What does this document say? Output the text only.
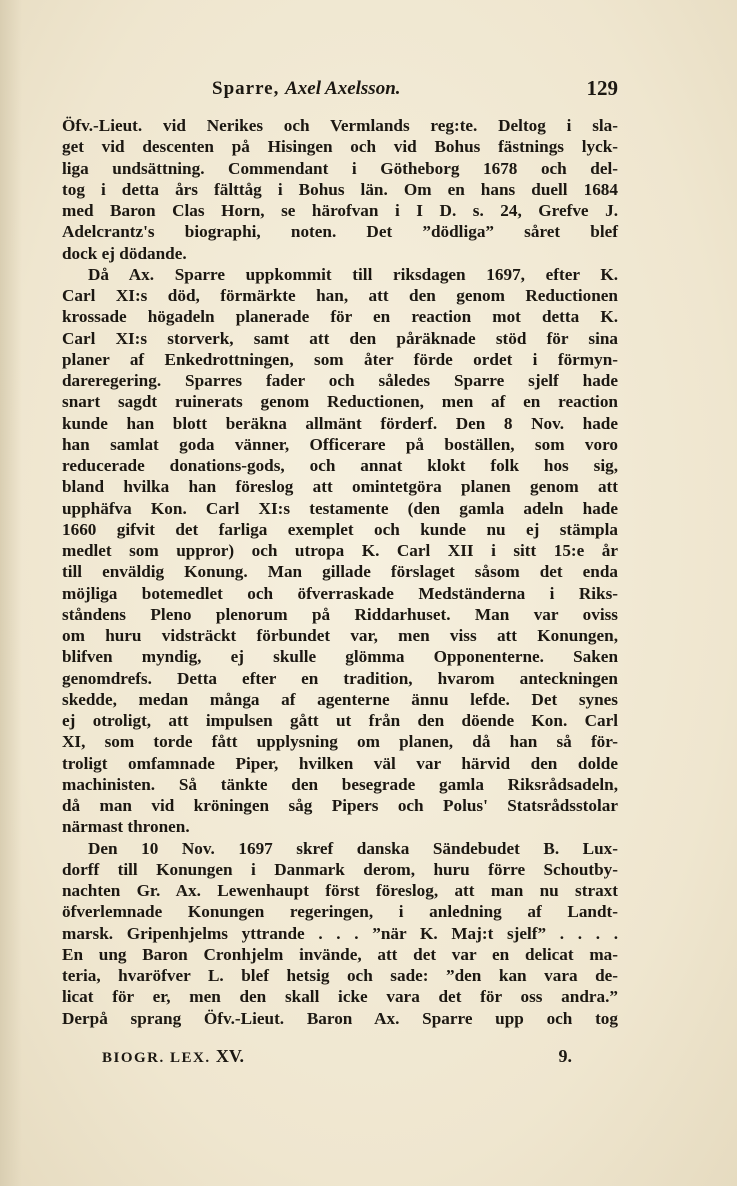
Sparre, Axel Axelsson.	129
Öfv.-Lieut. vid Nerikes och Vermlands reg:te. Deltog i sla-
get vid descenten på Hisingen och vid Bohus fästnings lyck-
liga undsättning. Commendant i Götheborg 1678 och del-
tog i detta års fälttåg i Bohus län. Om en hans duell 1684
med Baron Clas Horn, se härofvan i I D. s. 24, Grefve J.
Adelcrantz's biographi, noten. Det ”dödliga” såret blef
dock ej dödande.
Då Ax. Sparre uppkommit till riksdagen 1697, efter K.
Carl XI:s död, förmärkte han, att den genom Reductionen
krossade högadeln planerade för en reaction mot detta K.
Carl XI:s storverk, samt att den påräknade stöd för sina
planer af Enkedrottningen, som åter förde ordet i förmyn-
dareregering. Sparres fader och således Sparre sjelf hade
snart sagdt ruinerats genom Reductionen, men af en reaction
kunde han blott beräkna allmänt förderf. Den 8 Nov. hade
han samlat goda vänner, Officerare på boställen, som voro
reducerade donations-gods, och annat klokt folk hos sig,
bland hvilka han föreslog att omintetgöra planen genom att
upphäfva Kon. Carl XI:s testamente (den gamla adeln hade
1660 gifvit det farliga exemplet och kunde nu ej stämpla
medlet som uppror) och utropa K. Carl XII i sitt 15:e år
till enväldig Konung. Man gillade förslaget såsom det enda
möjliga botemedlet och öfverraskade Medständerna i Riks-
ståndens Pleno plenorum på Riddarhuset. Man var oviss
om huru vidsträckt förbundet var, men viss att Konungen,
blifven myndig, ej skulle glömma Opponenterne. Saken
genomdrefs. Detta efter en tradition, hvarom anteckningen
skedde, medan många af agenterne ännu lefde. Det synes
ej otroligt, att impulsen gått ut från den döende Kon. Carl
XI, som torde fått upplysning om planen, då han så för-
troligt omfamnade Piper, hvilken väl var härvid den dolde
machinisten. Så tänkte den besegrade gamla Riksrådsadeln,
då man vid kröningen såg Pipers och Polus' Statsrådsstolar
närmast thronen.
Den 10 Nov. 1697 skref danska Sändebudet B. Lux-
dorff till Konungen i Danmark derom, huru förre Schoutby-
nachten Gr. Ax. Lewenhaupt först föreslog, att man nu straxt
öfverlemnade Konungen regeringen, i anledning af Landt-
marsk. Gripenhjelms yttrande . . . ”när K. Maj:t sjelf” . . . .
En ung Baron Cronhjelm invände, att det var en delicat ma-
teria, hvaröfver L. blef hetsig och sade: ”den kan vara de-
licat för er, men den skall icke vara det för oss andra.”
Derpå sprang Öfv.-Lieut. Baron Ax. Sparre upp och tog
BIOGR. LEX. XV.	9.
